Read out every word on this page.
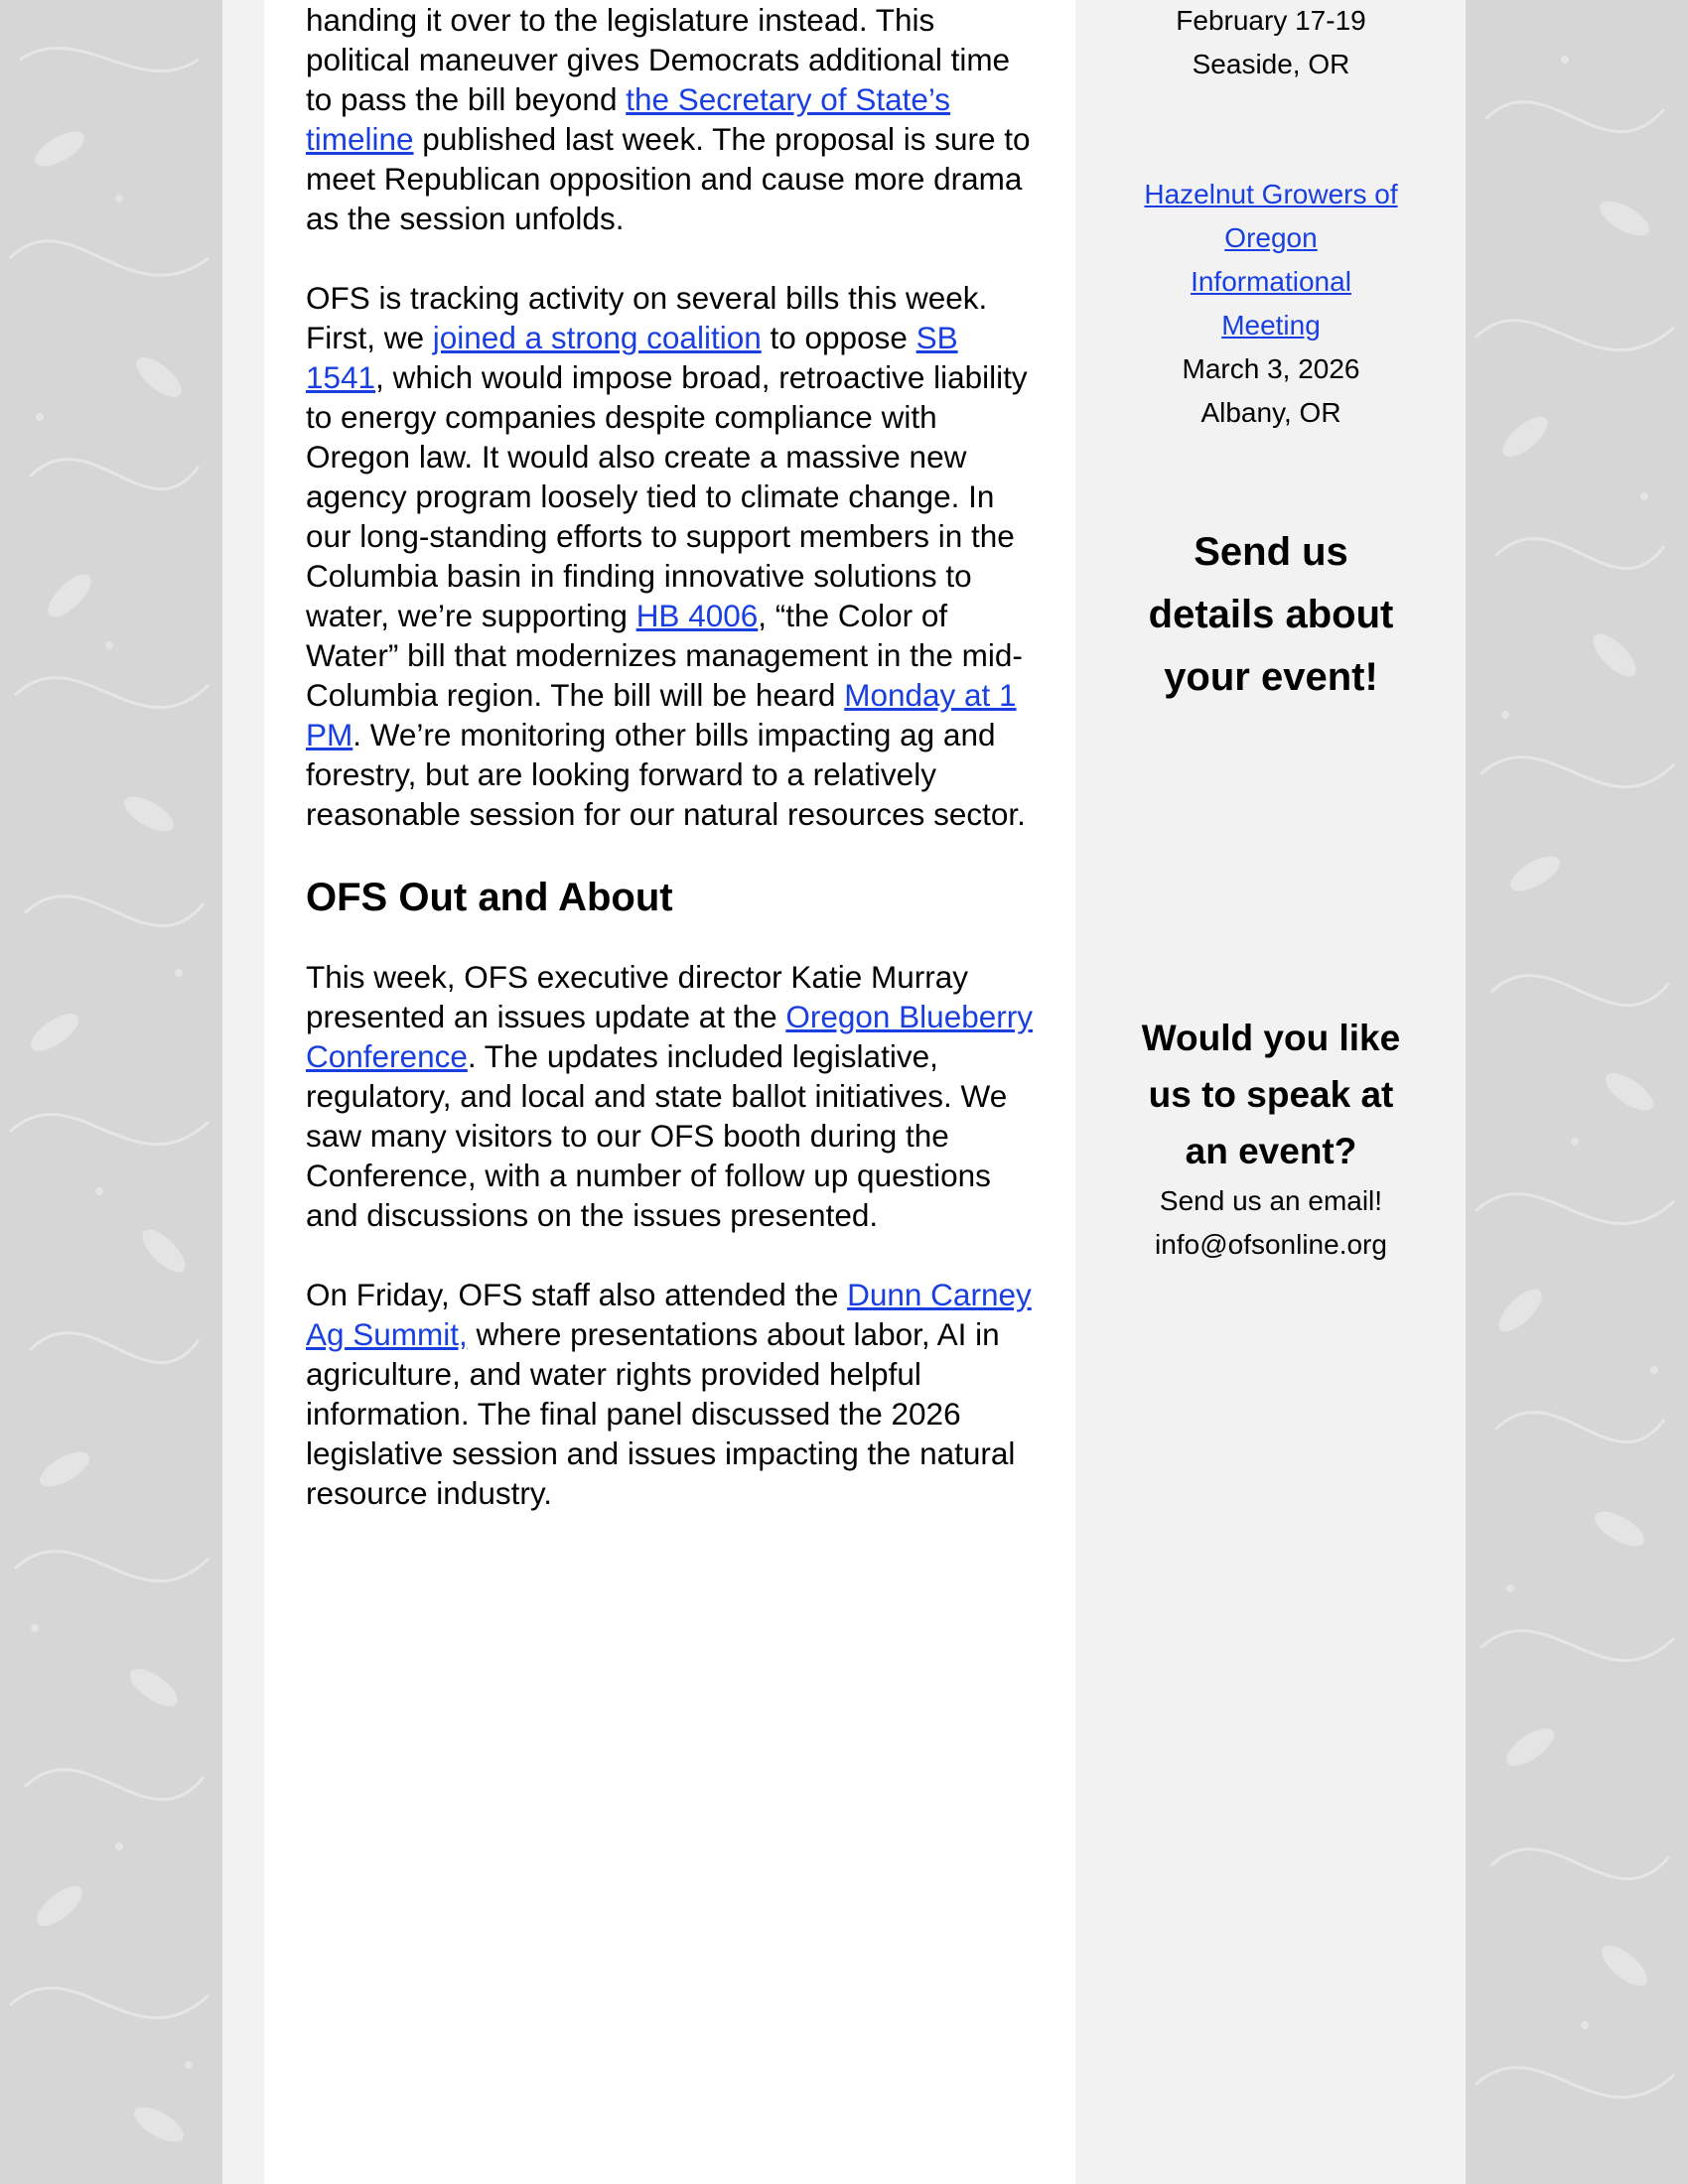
handing it over to the legislature instead. This political maneuver gives Democrats additional time to pass the bill beyond the Secretary of State’s timeline published last week. The proposal is sure to meet Republican opposition and cause more drama as the session unfolds.

OFS is tracking activity on several bills this week. First, we joined a strong coalition to oppose SB 1541, which would impose broad, retroactive liability to energy companies despite compliance with Oregon law. It would also create a massive new agency program loosely tied to climate change. In our long-standing efforts to support members in the Columbia basin in finding innovative solutions to water, we’re supporting HB 4006, “the Color of Water” bill that modernizes management in the mid-Columbia region. The bill will be heard Monday at 1 PM. We’re monitoring other bills impacting ag and forestry, but are looking forward to a relatively reasonable session for our natural resources sector.

OFS Out and About

This week, OFS executive director Katie Murray presented an issues update at the Oregon Blueberry Conference. The updates included legislative, regulatory, and local and state ballot initiatives. We saw many visitors to our OFS booth during the Conference, with a number of follow up questions and discussions on the issues presented.

On Friday, OFS staff also attended the Dunn Carney Ag Summit, where presentations about labor, AI in agriculture, and water rights provided helpful information. The final panel discussed the 2026 legislative session and issues impacting the natural resource industry.

February 17-19
Seaside, OR
Hazelnut Growers of
Oregon
Informational
Meeting
March 3, 2026
Albany, OR
Send us
details about
your event!
Would you like
us to speak at
an event?
Send us an email!
info@ofsonline.org
